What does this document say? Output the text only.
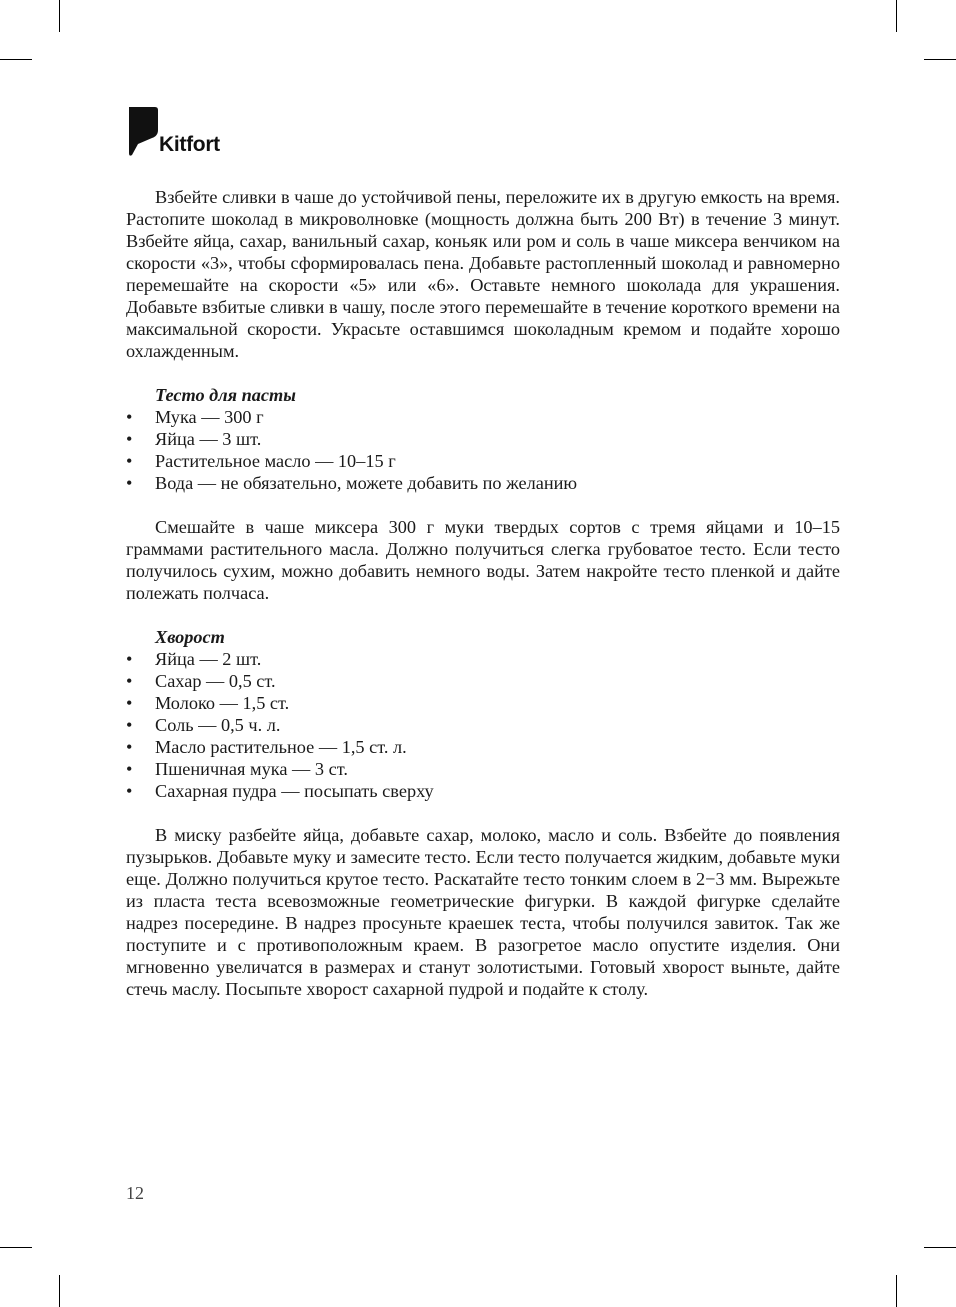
Kitfort

Взбейте сливки в чаше до устойчивой пены, переложите их в другую емкость на время. Растопите шоколад в микроволновке (мощность должна быть 200 Вт) в течение 3 минут. Взбейте яйца, сахар, ванильный сахар, коньяк или ром и соль в чаше миксера венчиком на скорости «3», чтобы сформировалась пена. Добавьте растопленный шоколад и равномерно перемешайте на скорости «5» или «6». Оставьте немного шоколада для украшения. Добавьте взбитые сливки в чашу, после этого перемешайте в течение короткого времени на максимальной скорости. Украсьте оставшимся шоколадным кремом и подайте хорошо охлажденным.

Тесто для пасты

• Мука — 300 г
• Яйца — 3 шт.
• Растительное масло — 10–15 г
• Вода — не обязательно, можете добавить по желанию

Смешайте в чаше миксера 300 г муки твердых сортов с тремя яйцами и 10–15 граммами растительного масла. Должно получиться слегка грубоватое тесто. Если тесто получилось сухим, можно добавить немного воды. Затем накройте тесто пленкой и дайте полежать полчаса.

Хворост

• Яйца — 2 шт.
• Сахар — 0,5 ст.
• Молоко — 1,5 ст.
• Соль — 0,5 ч. л.
• Масло растительное — 1,5 ст. л.
• Пшеничная мука — 3 ст.
• Сахарная пудра — посыпать сверху

В миску разбейте яйца, добавьте сахар, молоко, масло и соль. Взбейте до появления пузырьков. Добавьте муку и замесите тесто. Если тесто получается жидким, добавьте муки еще. Должно получиться крутое тесто. Раскатайте тесто тонким слоем в 2−3 мм. Вырежьте из пласта теста всевозможные геометрические фигурки. В каждой фигурке сделайте надрез посередине. В надрез просуньте краешек теста, чтобы получился завиток. Так же поступите и с противоположным краем. В разогретое масло опустите изделия. Они мгновенно увеличатся в размерах и станут золотистыми. Готовый хворост выньте, дайте стечь маслу. Посыпьте хворост сахарной пудрой и подайте к столу.

12
